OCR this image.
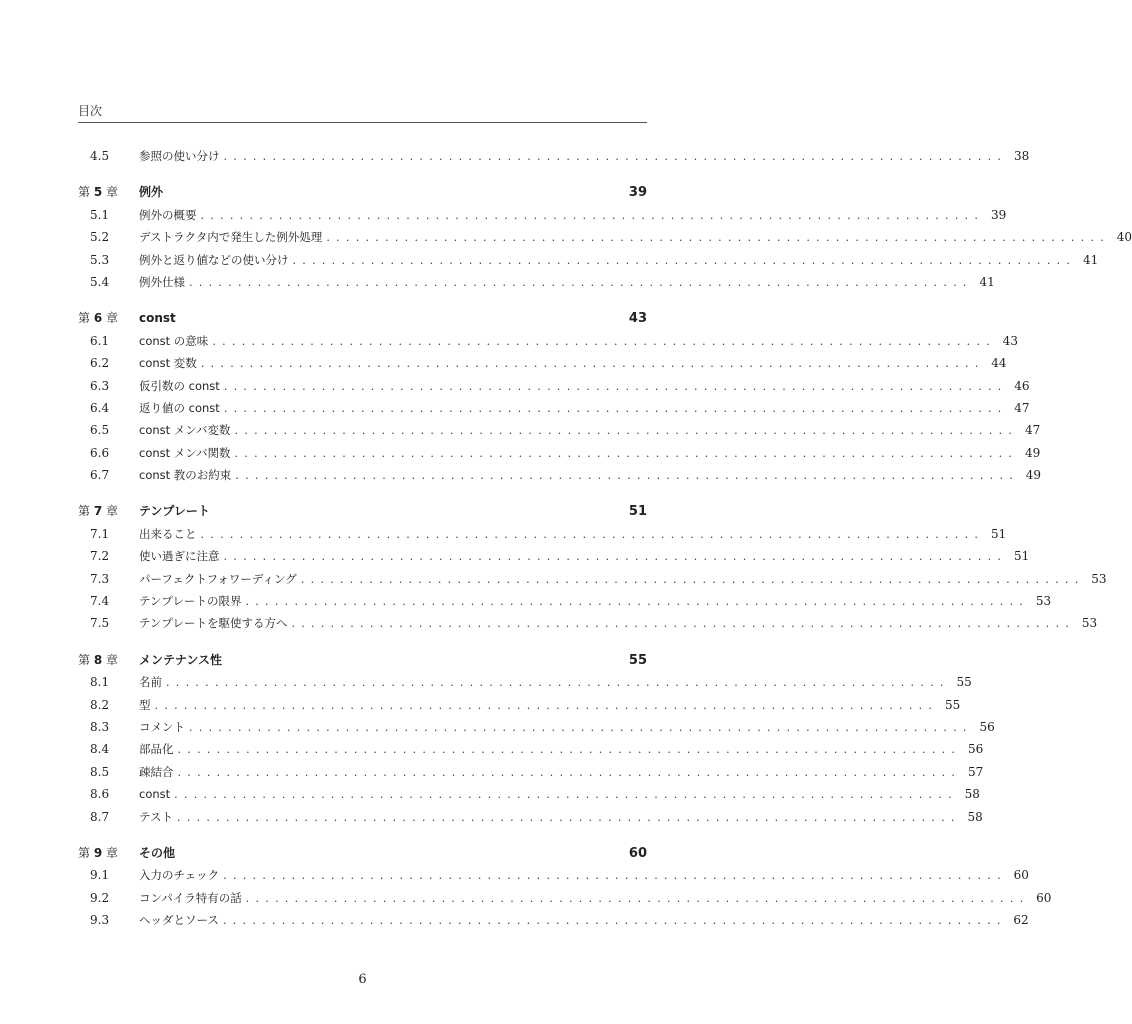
目次
4.5	参照の使い分け ................................................................................ 38
第 5 章	例外	39
5.1	例外の概要 ................................................................................ 39
5.2	デストラクタ内で発生した例外処理 ................................................................................ 40
5.3	例外と返り値などの使い分け ................................................................................ 41
5.4	例外仕様 ................................................................................ 41
第 6 章	const	43
6.1	const の意味 ................................................................................ 43
6.2	const 変数 ................................................................................ 44
6.3	仮引数の const ................................................................................ 46
6.4	返り値の const ................................................................................ 47
6.5	const メンバ変数 ................................................................................ 47
6.6	const メンバ関数 ................................................................................ 49
6.7	const 教のお約束 ................................................................................ 49
第 7 章	テンプレート	51
7.1	出来ること ................................................................................ 51
7.2	使い過ぎに注意 ................................................................................ 51
7.3	パーフェクトフォワーディング ................................................................................ 53
7.4	テンプレートの限界 ................................................................................ 53
7.5	テンプレートを駆使する方へ ................................................................................ 53
第 8 章	メンテナンス性	55
8.1	名前 ................................................................................ 55
8.2	型 ................................................................................ 55
8.3	コメント ................................................................................ 56
8.4	部品化 ................................................................................ 56
8.5	疎結合 ................................................................................ 57
8.6	const ................................................................................ 58
8.7	テスト ................................................................................ 58
第 9 章	その他	60
9.1	入力のチェック ................................................................................ 60
9.2	コンパイラ特有の話 ................................................................................ 60
9.3	ヘッダとソース ................................................................................ 62
6
